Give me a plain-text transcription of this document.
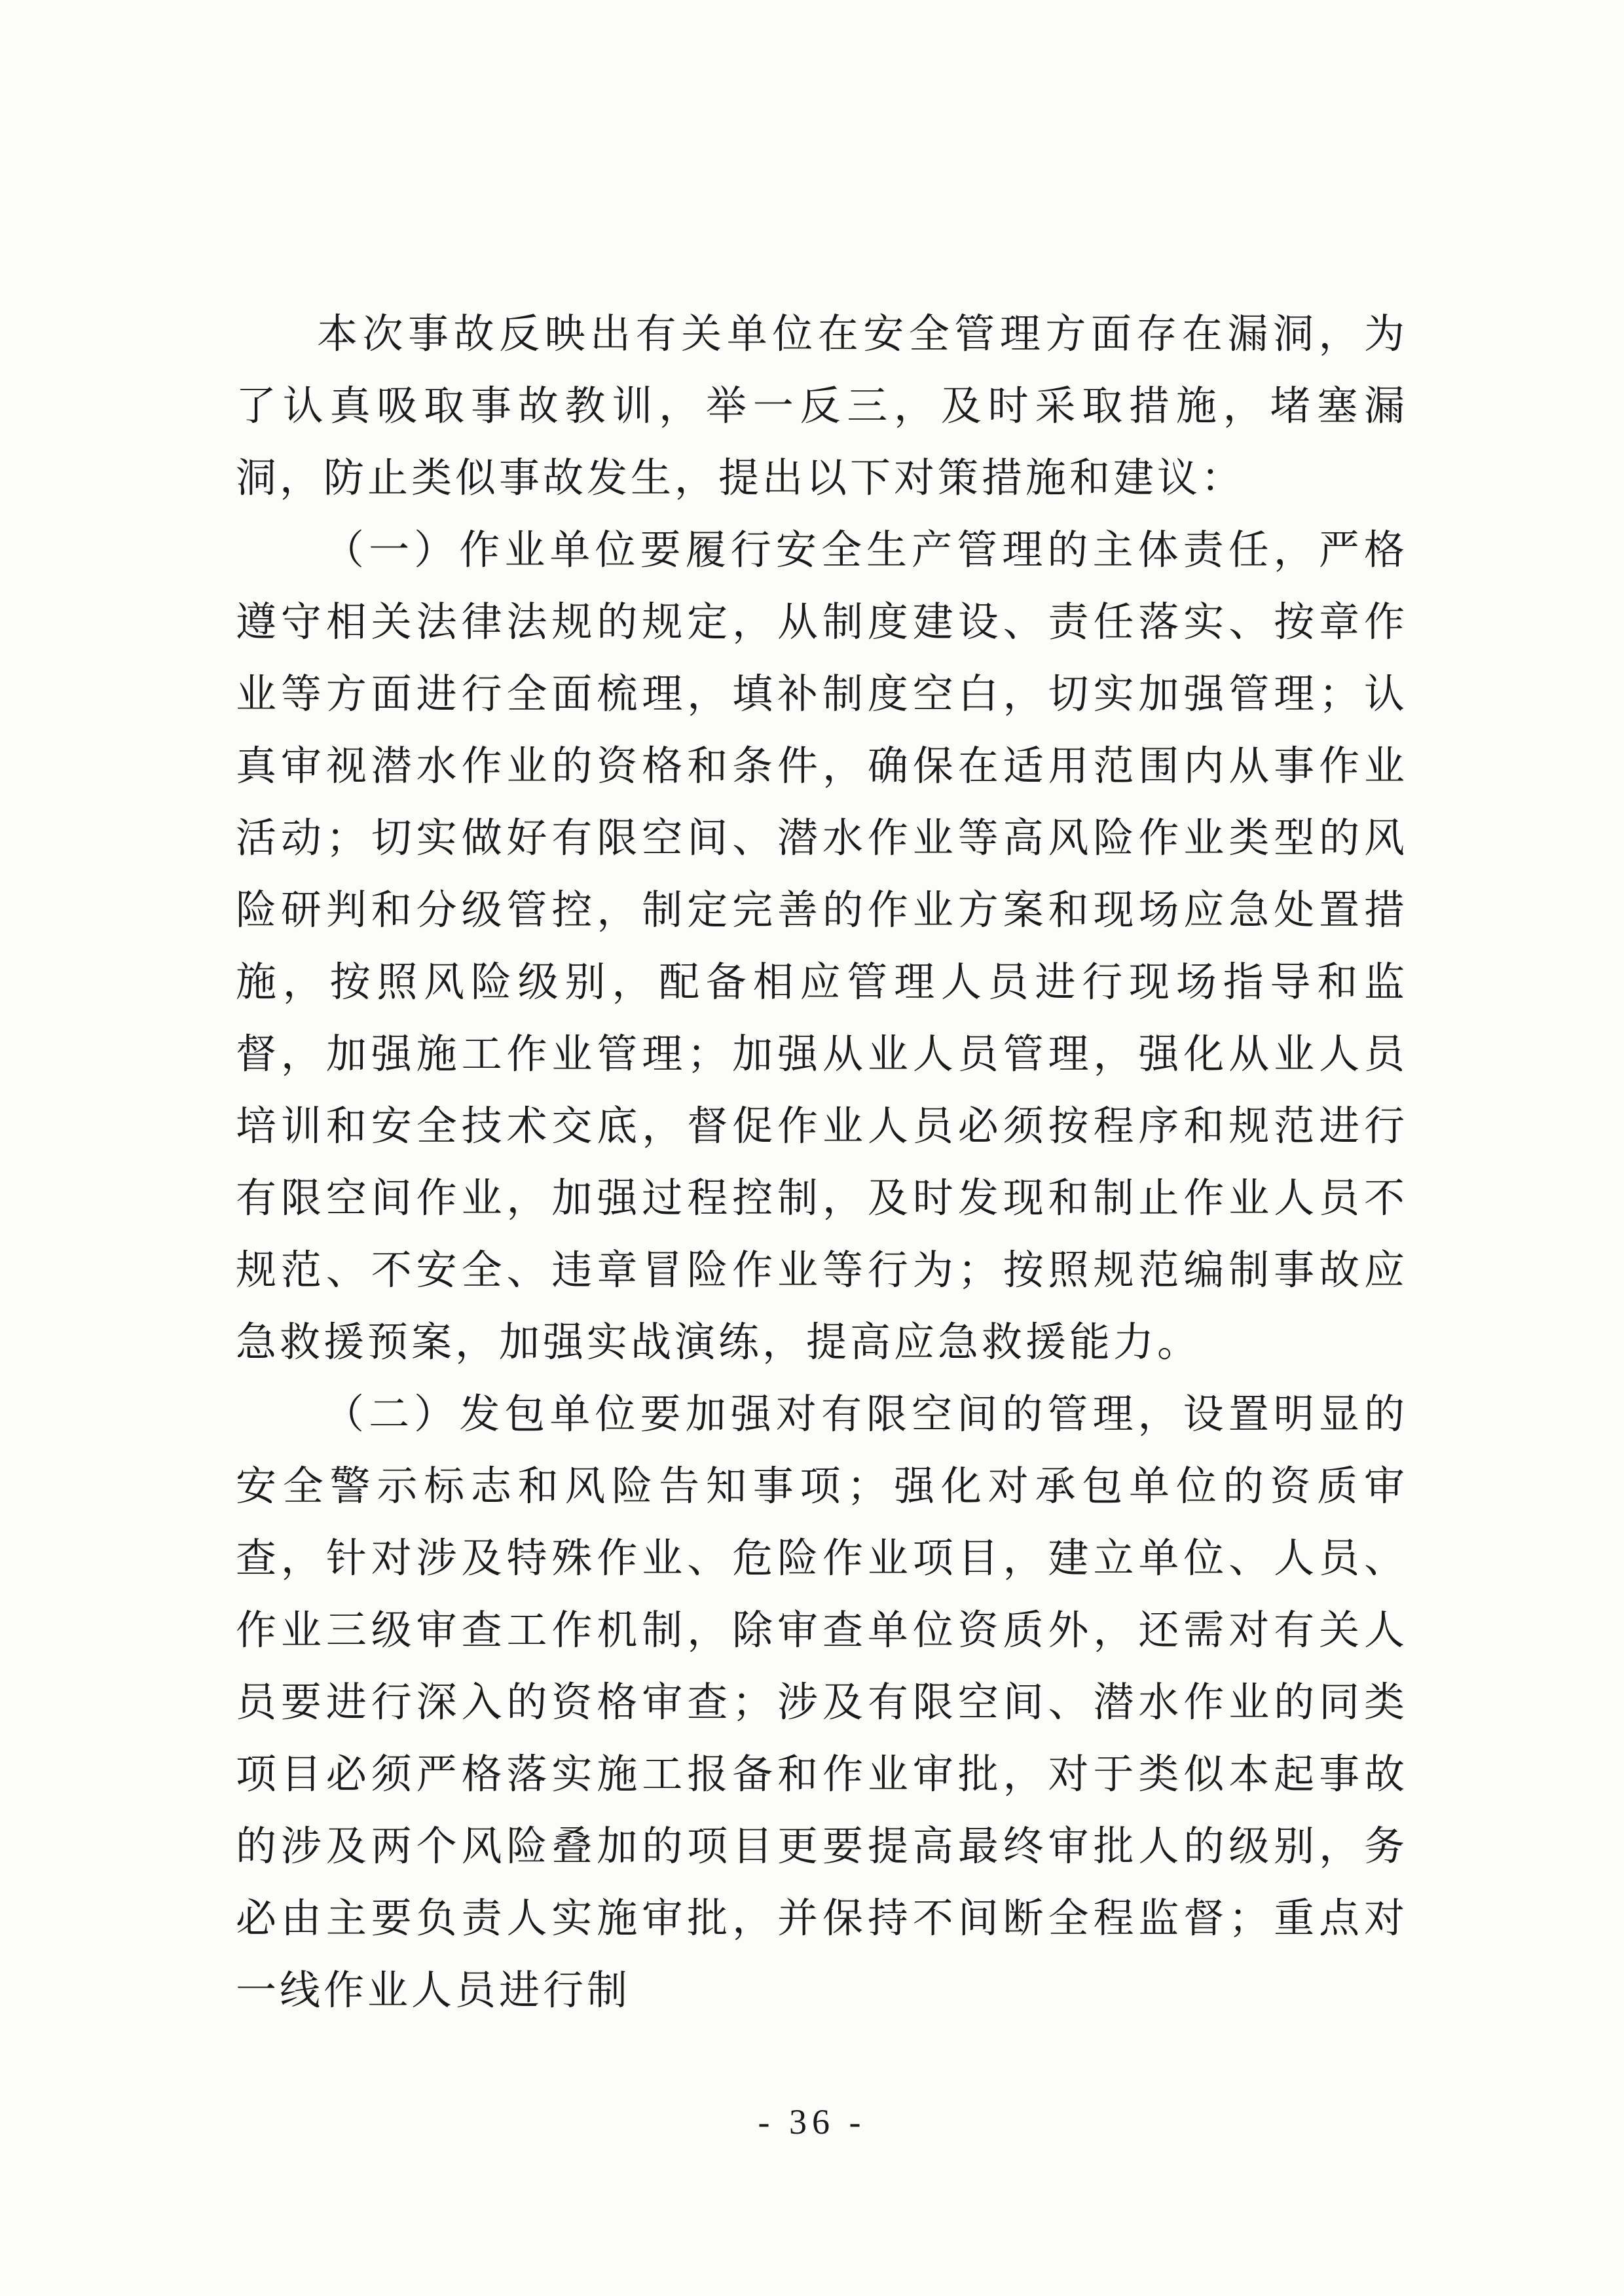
本次事故反映出有关单位在安全管理方面存在漏洞，为了认真吸取事故教训，举一反三，及时采取措施，堵塞漏洞，防止类似事故发生，提出以下对策措施和建议：

（一）作业单位要履行安全生产管理的主体责任，严格遵守相关法律法规的规定，从制度建设、责任落实、按章作业等方面进行全面梳理，填补制度空白，切实加强管理；认真审视潜水作业的资格和条件，确保在适用范围内从事作业活动；切实做好有限空间、潜水作业等高风险作业类型的风险研判和分级管控，制定完善的作业方案和现场应急处置措施，按照风险级别，配备相应管理人员进行现场指导和监督，加强施工作业管理；加强从业人员管理，强化从业人员培训和安全技术交底，督促作业人员必须按程序和规范进行有限空间作业，加强过程控制，及时发现和制止作业人员不规范、不安全、违章冒险作业等行为；按照规范编制事故应急救援预案，加强实战演练，提高应急救援能力。

（二）发包单位要加强对有限空间的管理，设置明显的安全警示标志和风险告知事项；强化对承包单位的资质审查，针对涉及特殊作业、危险作业项目，建立单位、人员、作业三级审查工作机制，除审查单位资质外，还需对有关人员要进行深入的资格审查；涉及有限空间、潜水作业的同类项目必须严格落实施工报备和作业审批，对于类似本起事故的涉及两个风险叠加的项目更要提高最终审批人的级别，务必由主要负责人实施审批，并保持不间断全程监督；重点对一线作业人员进行制

- 36 -
